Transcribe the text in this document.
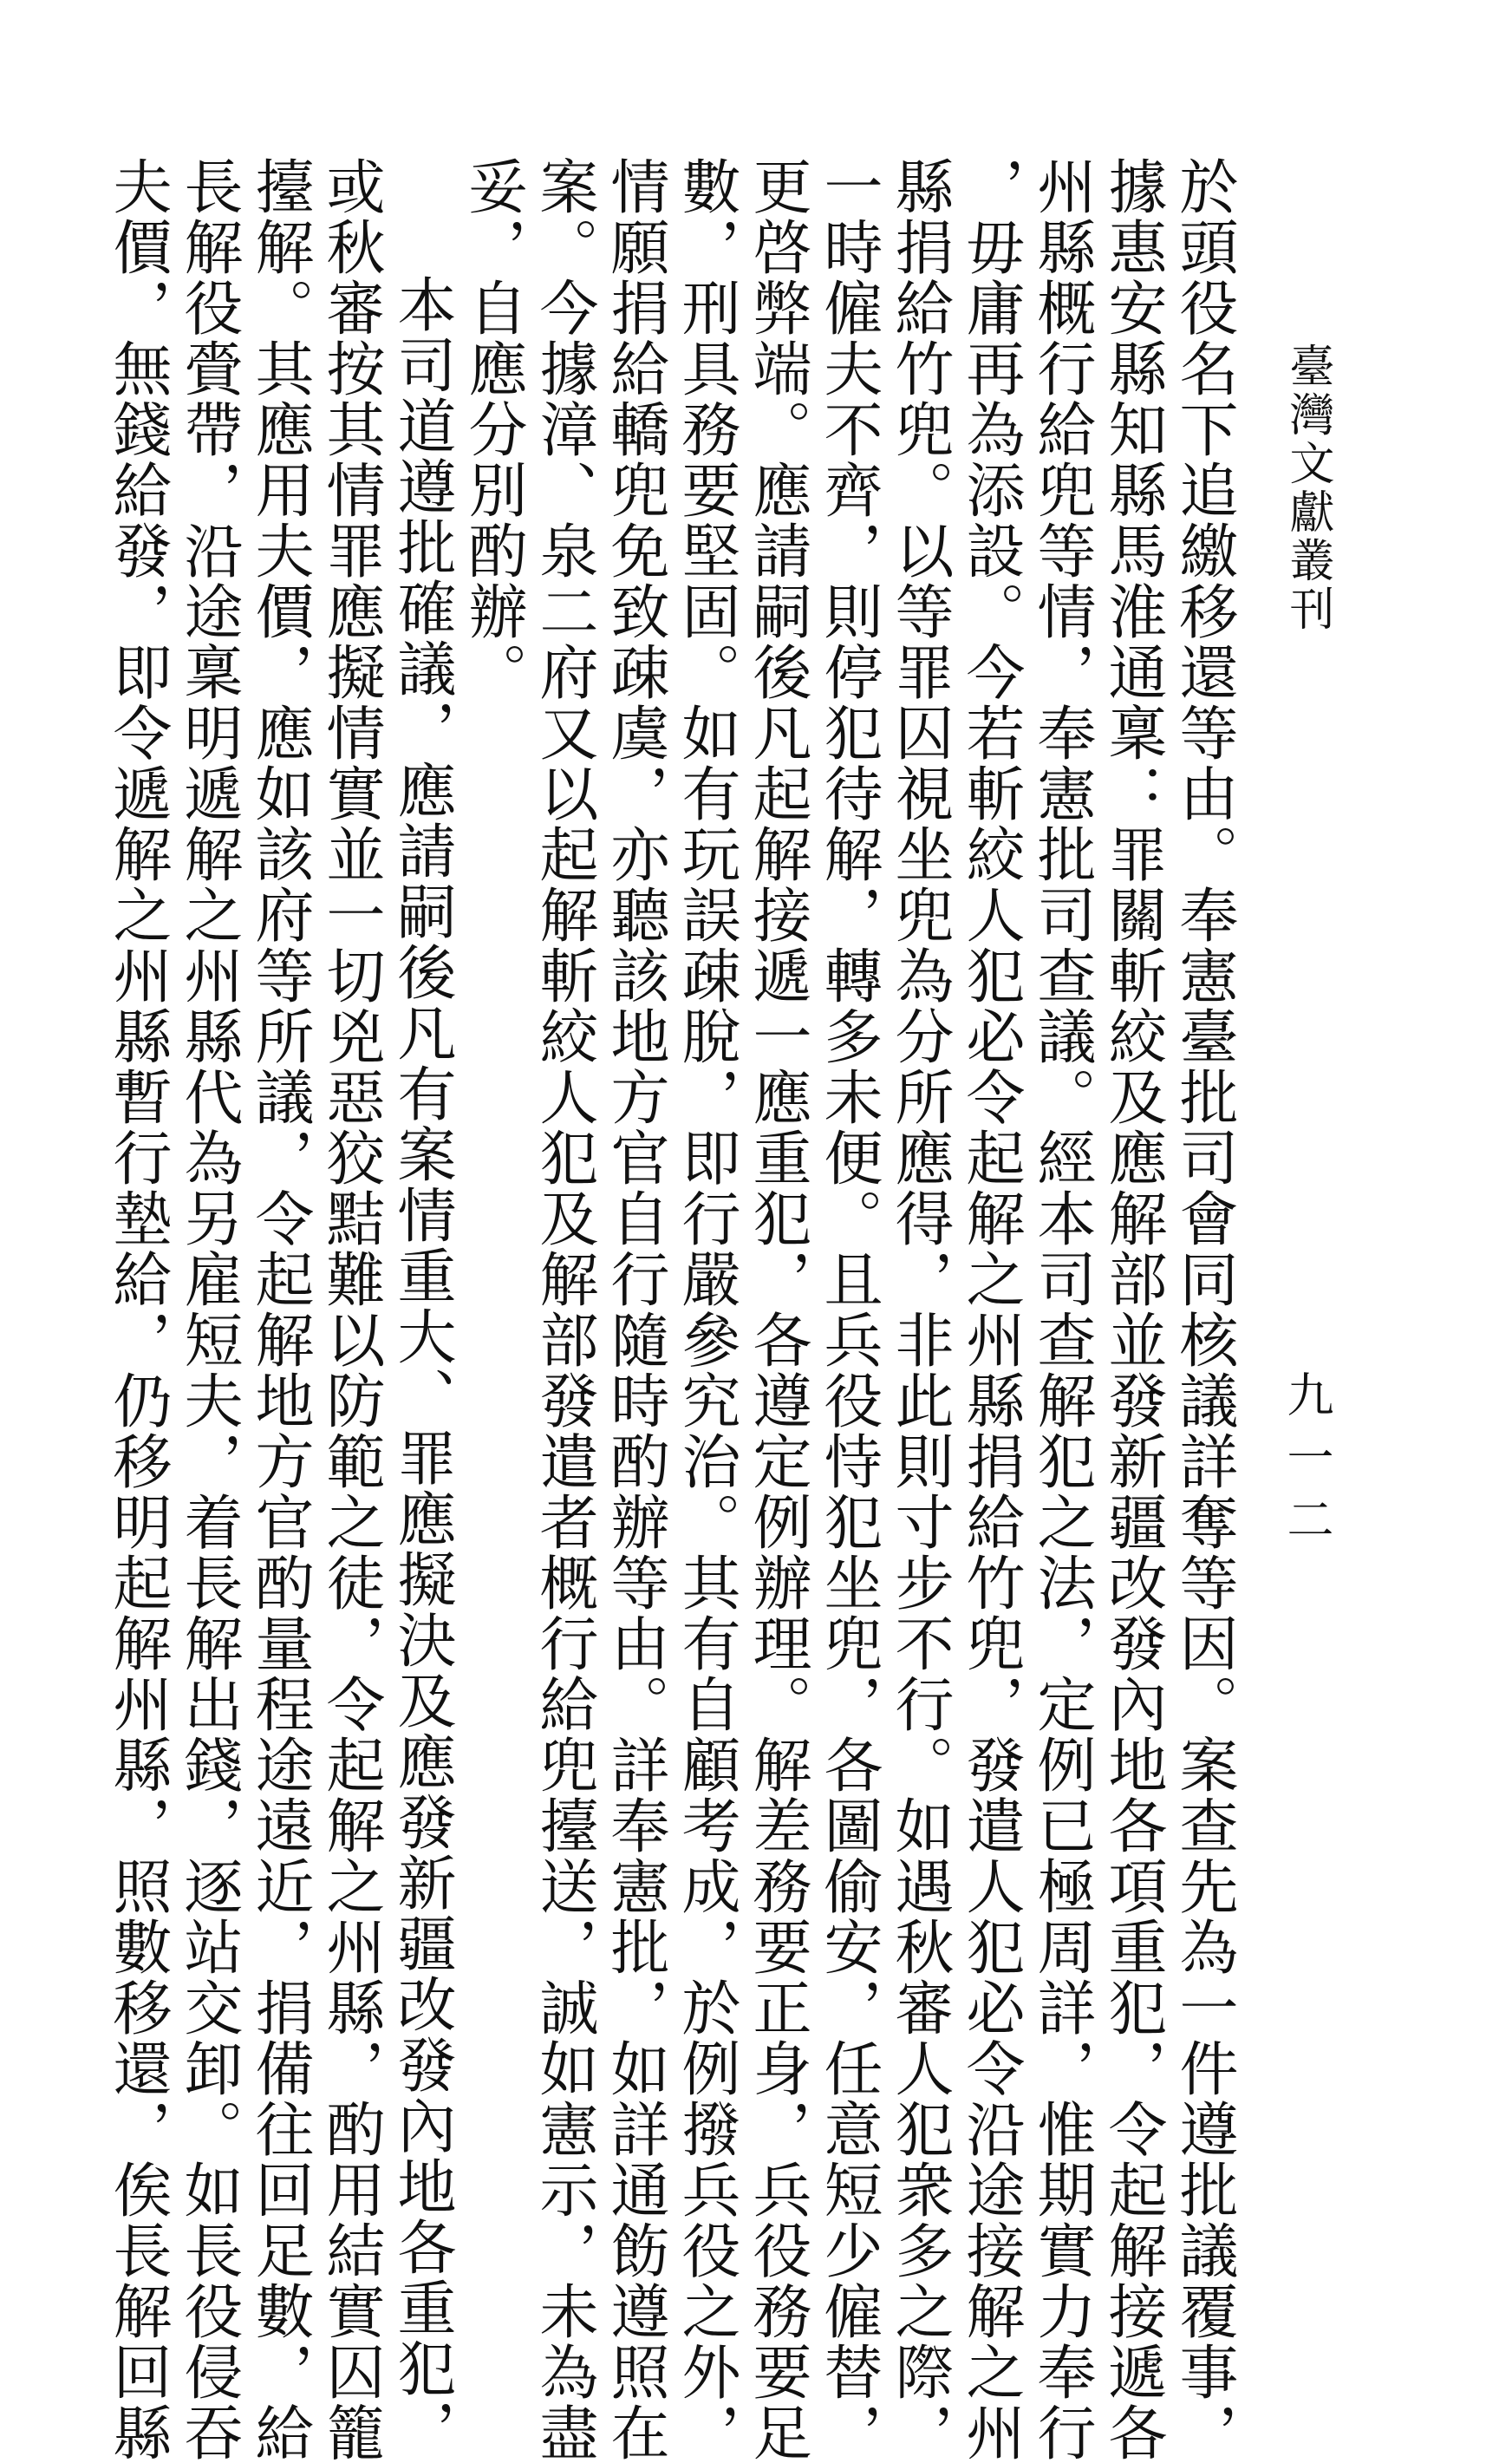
臺灣文獻叢刊
九一二
於頭役名下追繳移還等由。奉憲臺批司會同核議詳奪等因。案查先為一件遵批議覆事，
據惠安縣知縣馬淮通稟：罪關斬絞及應解部並發新疆改發內地各項重犯，令起解接遞各
州縣概行給兜等情，奉憲批司查議。經本司查解犯之法，定例已極周詳，惟期實力奉行
，毋庸再為添設。今若斬絞人犯必令起解之州縣捐給竹兜，發遣人犯必令沿途接解之州
縣捐給竹兜。以等罪囚視坐兜為分所應得，非此則寸步不行。如遇秋審人犯衆多之際，
一時僱夫不齊，則停犯待解，轉多未便。且兵役恃犯坐兜，各圖偷安，任意短少僱替，
更啓弊端。應請嗣後凡起解接遞一應重犯，各遵定例辦理。解差務要正身，兵役務要足
數，刑具務要堅固。如有玩誤疎脫，即行嚴參究治。其有自顧考成，於例撥兵役之外，
情願捐給轎兜免致疎虞，亦聽該地方官自行隨時酌辦等由。詳奉憲批，如詳通飭遵照在
案。今據漳、泉二府又以起解斬絞人犯及解部發遣者概行給兜擡送，誠如憲示，未為盡
妥，自應分別酌辦。
本司道遵批確議，應請嗣後凡有案情重大、罪應擬決及應發新疆改發內地各重犯，
或秋審按其情罪應擬情實並一切兇惡狡黠難以防範之徒，令起解之州縣，酌用結實囚籠
擡解。其應用夫價，應如該府等所議，令起解地方官酌量程途遠近，捐備往回足數，給
長解役賫帶，沿途稟明遞解之州縣代為另雇短夫，着長解出錢，逐站交卸。如長役侵吞
夫價，無錢給發，即令遞解之州縣暫行墊給，仍移明起解州縣，照數移還，俟長解回縣
